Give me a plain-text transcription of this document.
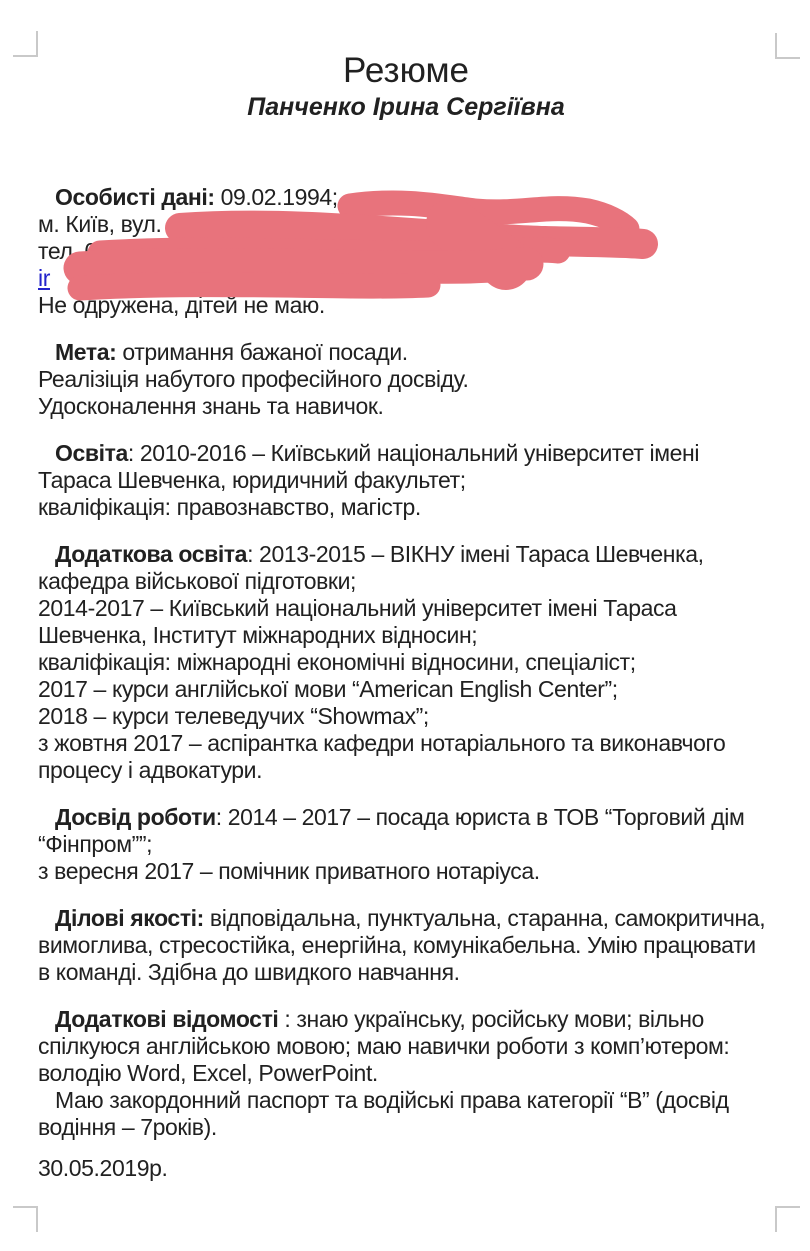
Резюме
Панченко Ірина Сергіївна
Особисті дані: 09.02.1994;
м. Київ, вул. Є
тел. 093 09
ir ww
Не одружена, дітей не маю.
Мета: отримання бажаної посади.
Реалізіція набутого професійного досвіду.
Удосконалення знань та навичок.
Освіта: 2010-2016 – Київський національний університет імені
Тараса Шевченка, юридичний факультет;
кваліфікація: правознавство, магістр.
Додаткова освіта: 2013-2015 – ВІКНУ імені Тараса Шевченка,
кафедра військової підготовки;
2014-2017 – Київський національний університет імені Тараса
Шевченка, Інститут міжнародних відносин;
кваліфікація: міжнародні економічні відносини, спеціаліст;
2017 – курси англійської мови “American English Center”;
2018 – курси телеведучих “Showmax”;
з жовтня 2017 – аспірантка кафедри нотаріального та виконавчого
процесу і адвокатури.
Досвід роботи: 2014 – 2017 – посада юриста в ТОВ “Торговий дім
“Фінпром””;
з вересня 2017 – помічник приватного нотаріуса.
Ділові якості: відповідальна, пунктуальна, старанна, самокритична,
вимоглива, стресостійка, енергійна, комунікабельна. Умію працювати
в команді. Здібна до швидкого навчання.
Додаткові відомості : знаю українську, російську мови; вільно
спілкуюся англійською мовою; маю навички роботи з комп’ютером:
володію Word, Excel, PowerPoint.
Маю закордонний паспорт та водійські права категорії “В” (досвід
водіння – 7років).
30.05.2019р.
